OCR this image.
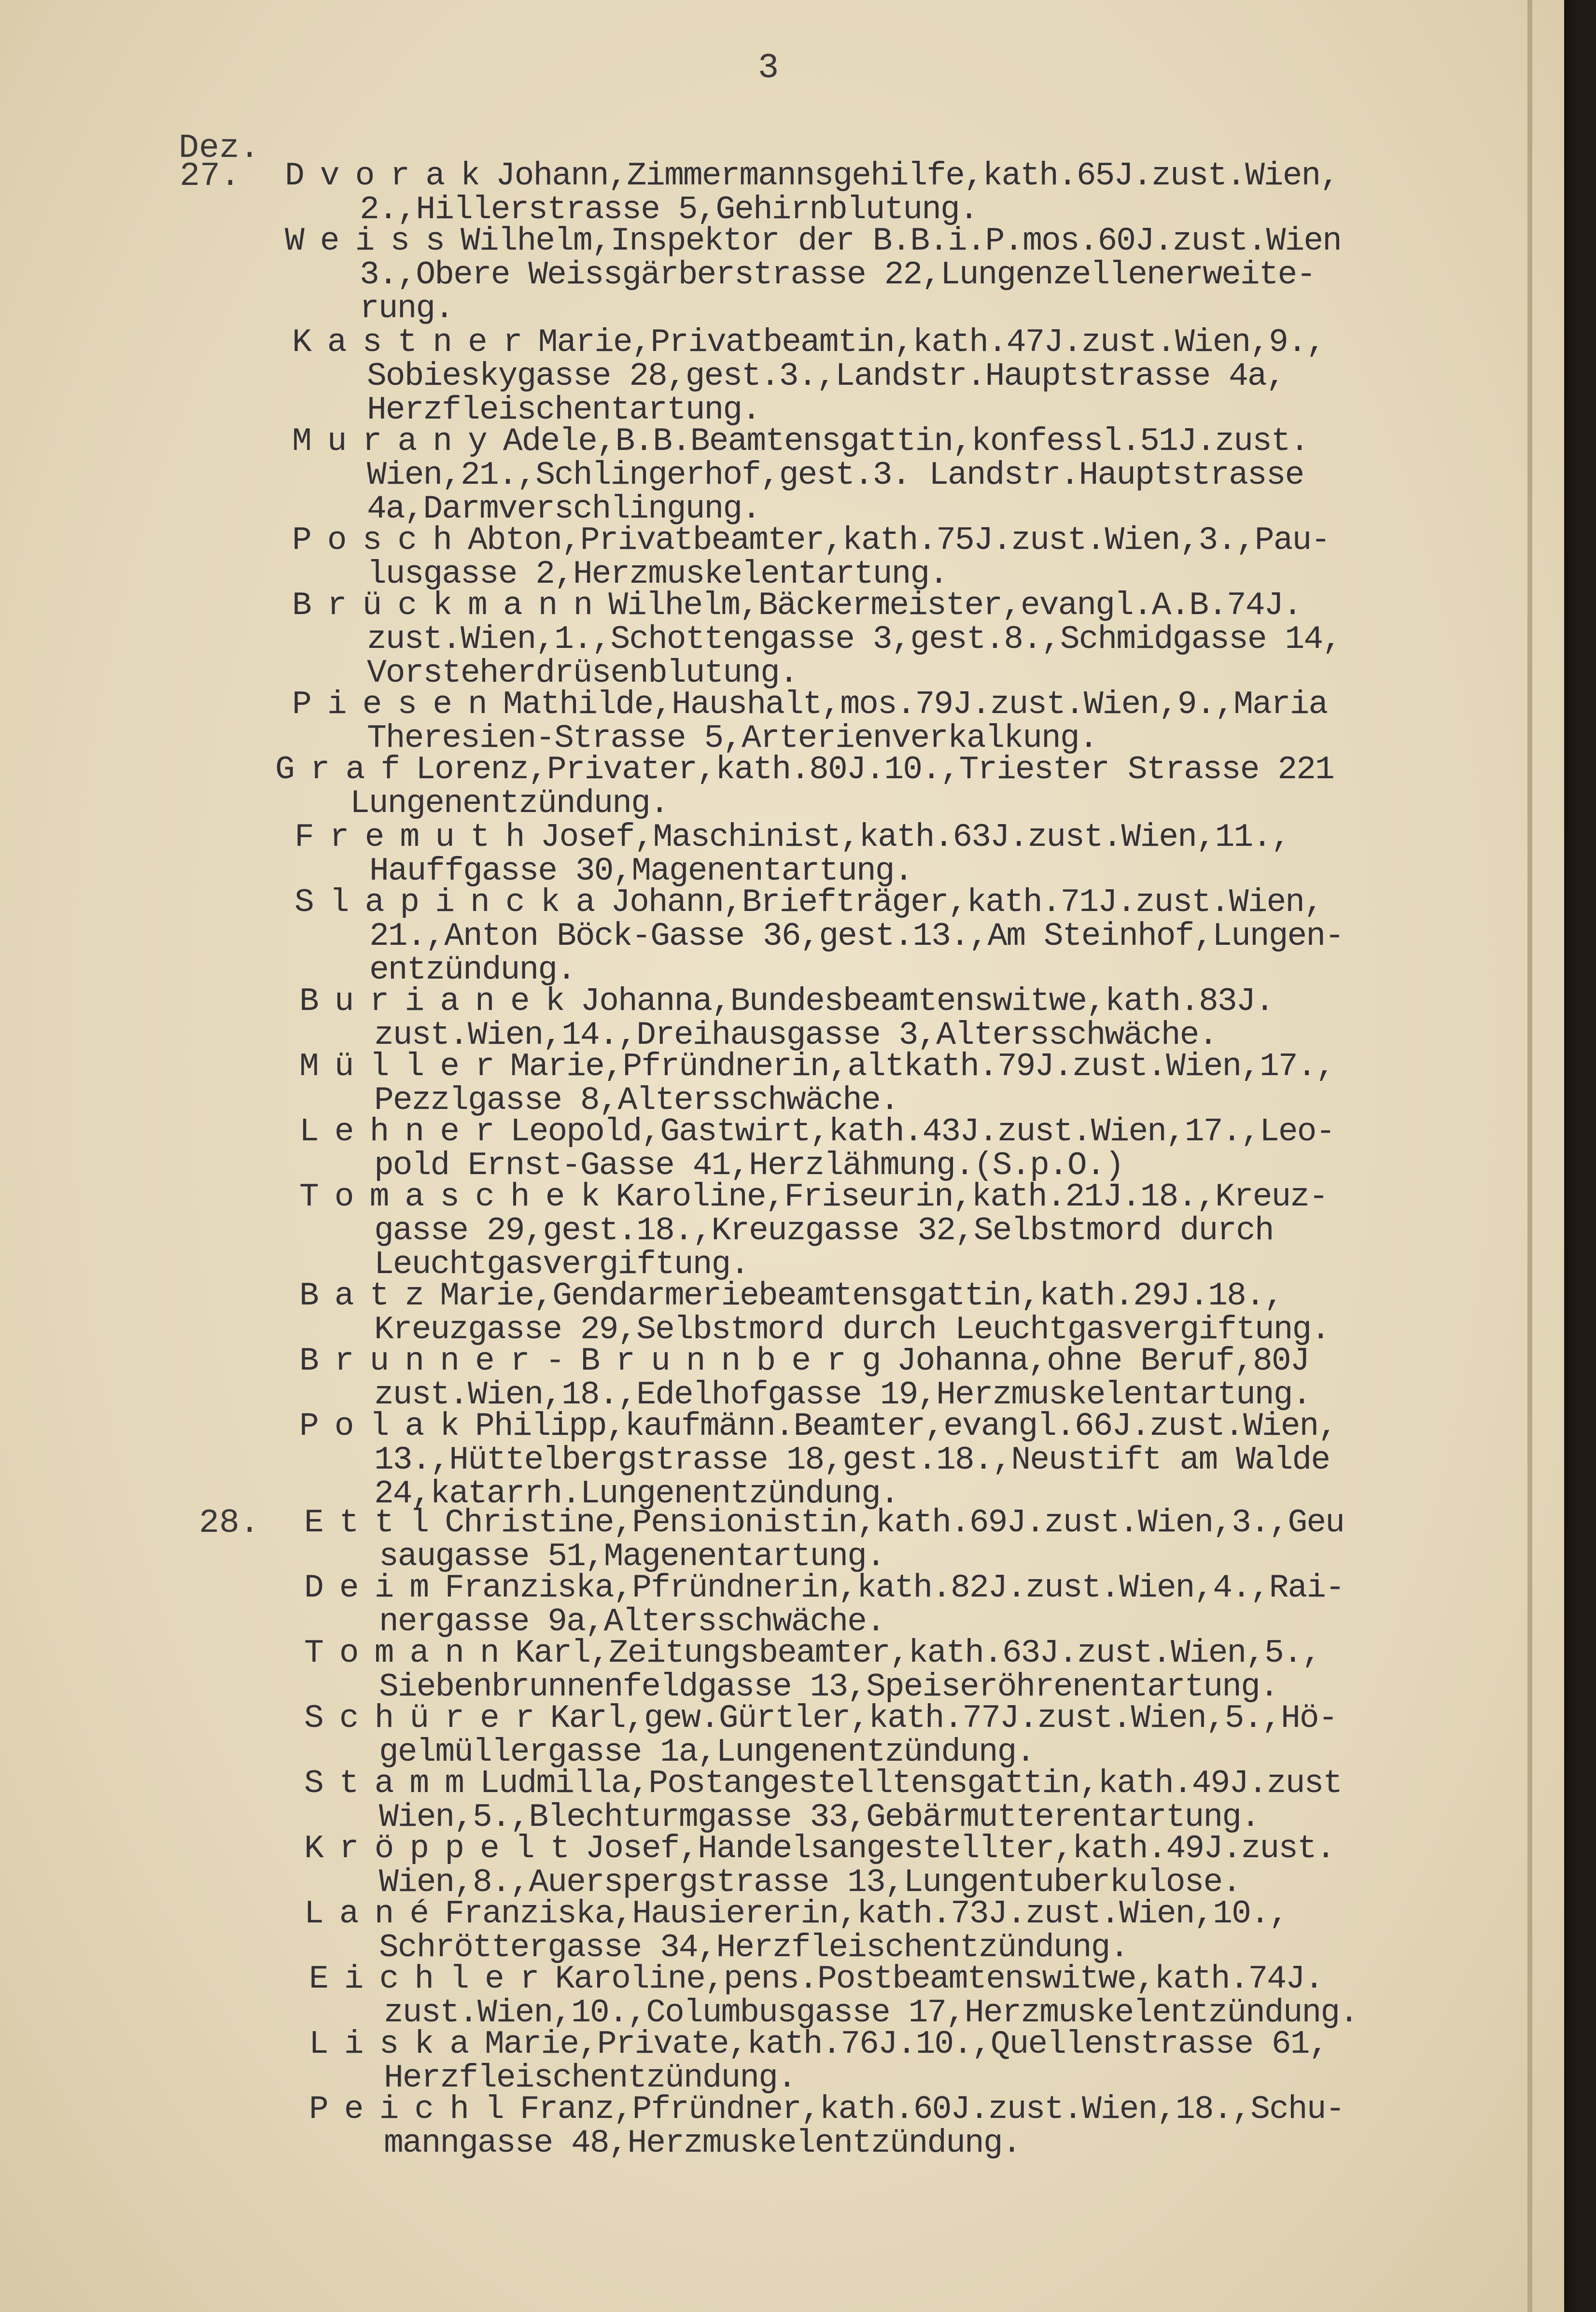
3
Dez.
27. DvorakJohann,Zimmermannsgehilfe,kath.65J.zust.Wien,
2.,Hillerstrasse 5,Gehirnblutung.
WeissWilhelm,Inspektor der B.B.i.P.mos.60J.zust.Wien
3.,Obere Weissgärberstrasse 22,Lungenzellenerweite-
rung.
KastnerMarie,Privatbeamtin,kath.47J.zust.Wien,9.,
Sobieskygasse 28,gest.3.,Landstr.Hauptstrasse 4a,
Herzfleischentartung.
MuranyAdele,B.B.Beamtensgattin,konfessl.51J.zust.
Wien,21.,Schlingerhof,gest.3. Landstr.Hauptstrasse
4a,Darmverschlingung.
PoschAbton,Privatbeamter,kath.75J.zust.Wien,3.,Pau-
lusgasse 2,Herzmuskelentartung.
BrückmannWilhelm,Bäckermeister,evangl.A.B.74J.
zust.Wien,1.,Schottengasse 3,gest.8.,Schmidgasse 14,
Vorsteherdrüsenblutung.
PiesenMathilde,Haushalt,mos.79J.zust.Wien,9.,Maria
Theresien-Strasse 5,Arterienverkalkung.
GrafLorenz,Privater,kath.80J.10.,Triester Strasse 221
Lungenentzündung.
FremuthJosef,Maschinist,kath.63J.zust.Wien,11.,
Hauffgasse 30,Magenentartung.
SlapinckaJohann,Briefträger,kath.71J.zust.Wien,
21.,Anton Böck-Gasse 36,gest.13.,Am Steinhof,Lungen-
entzündung.
BurianekJohanna,Bundesbeamtenswitwe,kath.83J.
zust.Wien,14.,Dreihausgasse 3,Altersschwäche.
MüllerMarie,Pfründnerin,altkath.79J.zust.Wien,17.,
Pezzlgasse 8,Altersschwäche.
LehnerLeopold,Gastwirt,kath.43J.zust.Wien,17.,Leo-
pold Ernst-Gasse 41,Herzlähmung.(S.p.O.)
TomaschekKaroline,Friseurin,kath.21J.18.,Kreuz-
gasse 29,gest.18.,Kreuzgasse 32,Selbstmord durch
Leuchtgasvergiftung.
BatzMarie,Gendarmeriebeamtensgattin,kath.29J.18.,
Kreuzgasse 29,Selbstmord durch Leuchtgasvergiftung.
Brunner-BrunnbergJohanna,ohne Beruf,80J
zust.Wien,18.,Edelhofgasse 19,Herzmuskelentartung.
PolakPhilipp,kaufmänn.Beamter,evangl.66J.zust.Wien,
13.,Hüttelbergstrasse 18,gest.18.,Neustift am Walde
24,katarrh.Lungenentzündung.
28. EttlChristine,Pensionistin,kath.69J.zust.Wien,3.,Geu
saugasse 51,Magenentartung.
DeimFranziska,Pfründnerin,kath.82J.zust.Wien,4.,Rai-
nergasse 9a,Altersschwäche.
TomannKarl,Zeitungsbeamter,kath.63J.zust.Wien,5.,
Siebenbrunnenfeldgasse 13,Speiseröhrenentartung.
SchürerKarl,gew.Gürtler,kath.77J.zust.Wien,5.,Hö-
gelmüllergasse 1a,Lungenentzündung.
StammLudmilla,Postangestelltensgattin,kath.49J.zust
Wien,5.,Blechturmgasse 33,Gebärmutterentartung.
KröppeltJosef,Handelsangestellter,kath.49J.zust.
Wien,8.,Auerspergstrasse 13,Lungentuberkulose.
LanéFranziska,Hausiererin,kath.73J.zust.Wien,10.,
Schröttergasse 34,Herzfleischentzündung.
EichlerKaroline,pens.Postbeamtenswitwe,kath.74J.
zust.Wien,10.,Columbusgasse 17,Herzmuskelentzündung.
LiskaMarie,Private,kath.76J.10.,Quellenstrasse 61,
Herzfleischentzündung.
PeichlFranz,Pfründner,kath.60J.zust.Wien,18.,Schu-
manngasse 48,Herzmuskelentzündung.
